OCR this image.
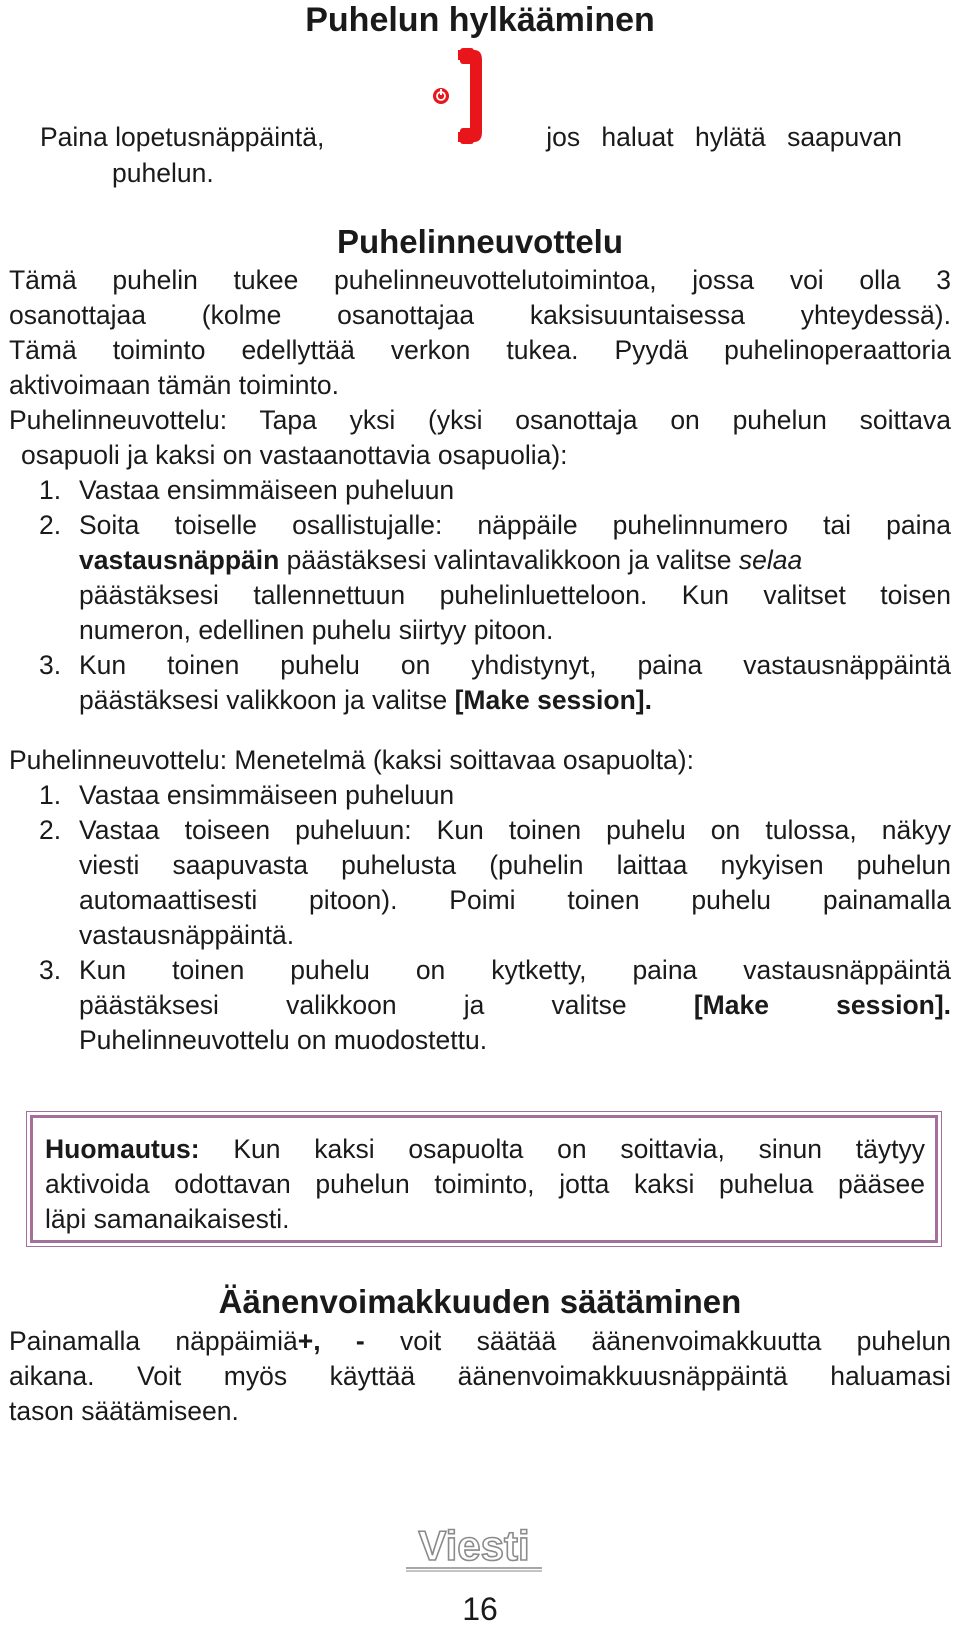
Puhelun hylkääminen
Paina lopetusnäppäintä,	jos haluat hylätä saapuvan
puhelun.
Puhelinneuvottelu
Tämä puhelin tukee puhelinneuvottelutoimintoa, jossa voi olla 3
osanottajaa (kolme osanottajaa kaksisuuntaisessa yhteydessä).
Tämä toiminto edellyttää verkon tukea. Pyydä puhelinoperaattoria
aktivoimaan tämän toiminto.
Puhelinneuvottelu: Tapa yksi (yksi osanottaja on puhelun soittava
osapuoli ja kaksi on vastaanottavia osapuolia):
1. Vastaa ensimmäiseen puheluun
2. Soita toiselle osallistujalle: näppäile puhelinnumero tai paina
vastausnäppäin päästäksesi valintavalikkoon ja valitse selaa
päästäksesi tallennettuun puhelinluetteloon. Kun valitset toisen
numeron, edellinen puhelu siirtyy pitoon.
3. Kun toinen puhelu on yhdistynyt, paina vastausnäppäintä
päästäksesi valikkoon ja valitse [Make session].
Puhelinneuvottelu: Menetelmä (kaksi soittavaa osapuolta):
1. Vastaa ensimmäiseen puheluun
2. Vastaa toiseen puheluun: Kun toinen puhelu on tulossa, näkyy
viesti saapuvasta puhelusta (puhelin laittaa nykyisen puhelun
automaattisesti pitoon). Poimi toinen puhelu painamalla
vastausnäppäintä.
3. Kun toinen puhelu on kytketty, paina vastausnäppäintä
päästäksesi valikkoon ja valitse [Make session].
Puhelinneuvottelu on muodostettu.
Huomautus: Kun kaksi osapuolta on soittavia, sinun täytyy
aktivoida odottavan puhelun toiminto, jotta kaksi puhelua pääsee
läpi samanaikaisesti.
Äänenvoimakkuuden säätäminen
Painamalla näppäimiä+, - voit säätää äänenvoimakkuutta puhelun
aikana. Voit myös käyttää äänenvoimakkuusnäppäintä haluamasi
tason säätämiseen.
Viesti
16
